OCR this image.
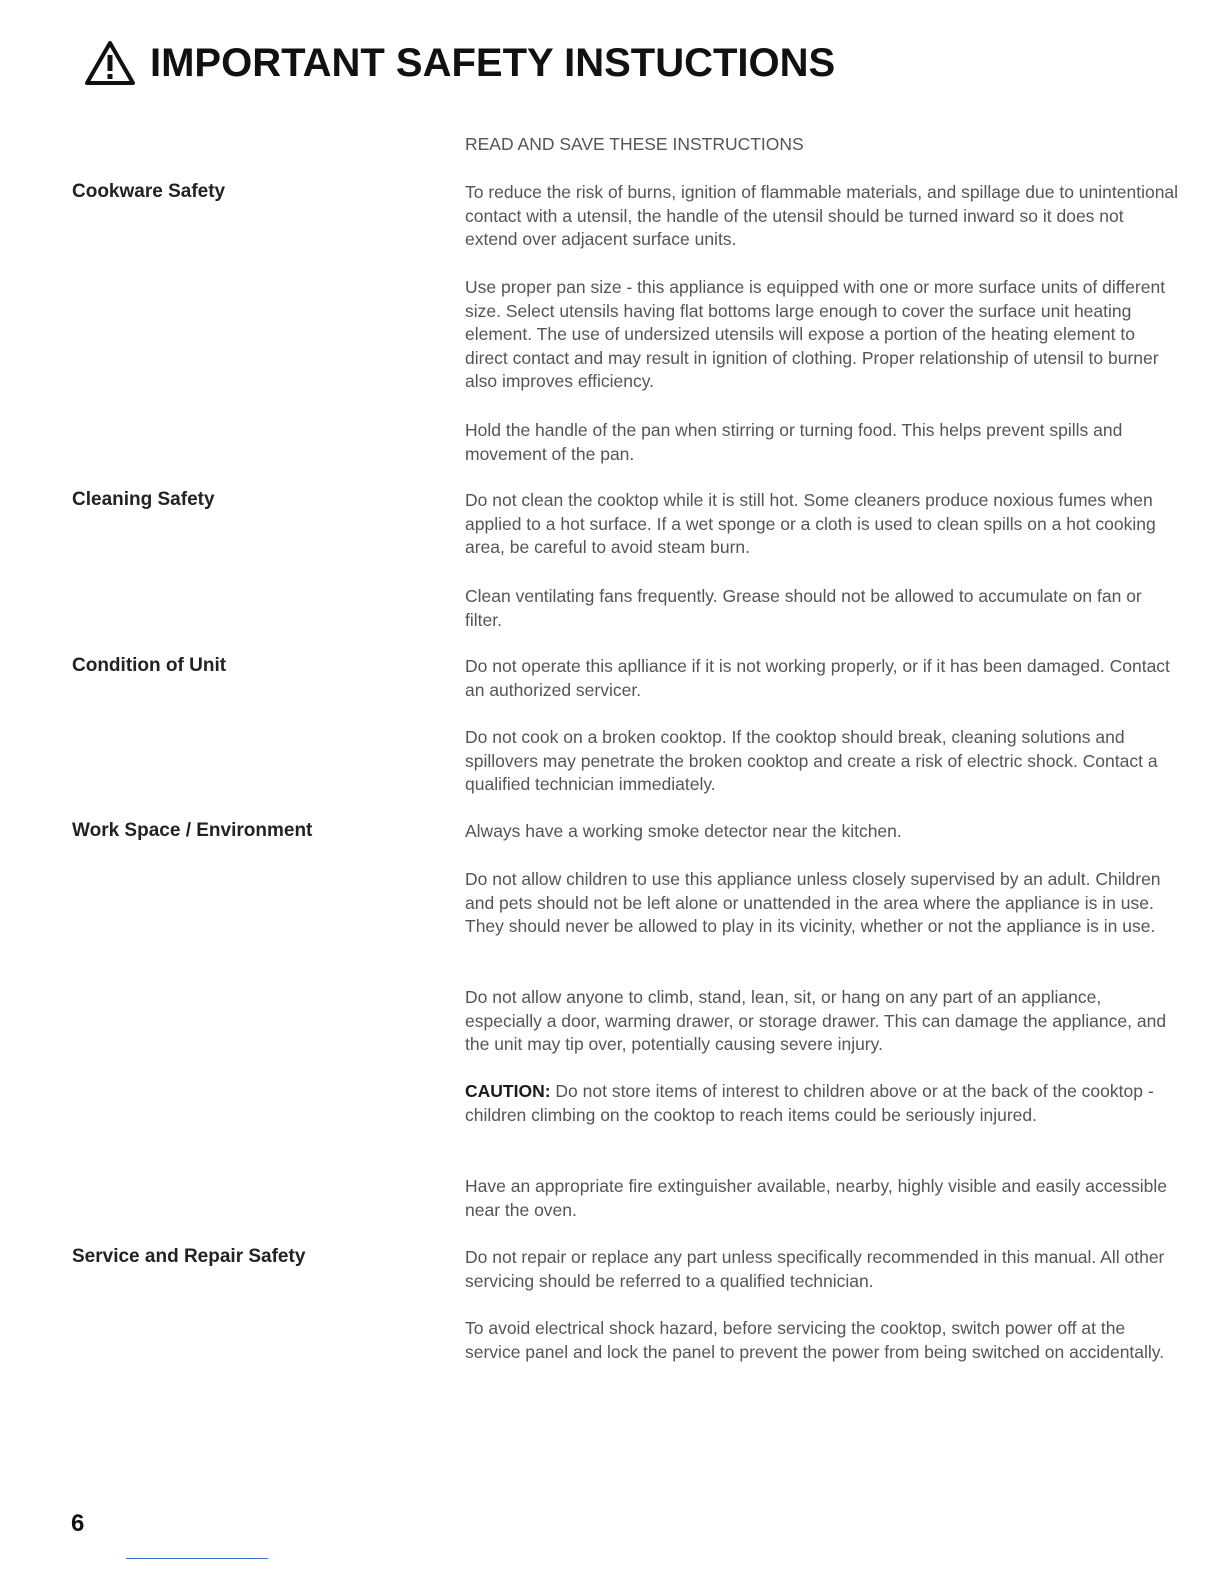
IMPORTANT SAFETY INSTUCTIONS

READ AND SAVE THESE INSTRUCTIONS

Cookware Safety	To reduce the risk of burns, ignition of flammable materials, and spillage due to unintentional contact with a utensil, the handle of the utensil should be turned inward so it does not extend over adjacent surface units.

Use proper pan size - this appliance is equipped with one or more surface units of different size. Select utensils having flat bottoms large enough to cover the surface unit heating element. The use of undersized utensils will expose a portion of the heating element to direct contact and may result in ignition of clothing. Proper relationship of utensil to burner also improves efficiency.

Hold the handle of the pan when stirring or turning food. This helps prevent spills and movement of the pan.

Cleaning Safety	Do not clean the cooktop while it is still hot. Some cleaners produce noxious fumes when applied to a hot surface. If a wet sponge or a cloth is used to clean spills on a hot cooking area, be careful to avoid steam burn.

Clean ventilating fans frequently. Grease should not be allowed to accumulate on fan or filter.

Condition of Unit	Do not operate this aplliance if it is not working properly, or if it has been damaged. Contact an authorized servicer.

Do not cook on a broken cooktop. If the cooktop should break, cleaning solutions and spillovers may penetrate the broken cooktop and create a risk of electric shock. Contact a qualified technician immediately.

Work Space / Environment	Always have a working smoke detector near the kitchen.

Do not allow children to use this appliance unless closely supervised by an adult. Children and pets should not be left alone or unattended in the area where the appliance is in use. They should never be allowed to play in its vicinity, whether or not the appliance is in use.

Do not allow anyone to climb, stand, lean, sit, or hang on any part of an appliance, especially a door, warming drawer, or storage drawer. This can damage the appliance, and the unit may tip over, potentially causing severe injury.

CAUTION: Do not store items of interest to children above or at the back of the cooktop - children climbing on the cooktop to reach items could be seriously injured.

Have an appropriate fire extinguisher available, nearby, highly visible and easily accessible near the oven.

Service and Repair Safety	Do not repair or replace any part unless specifically recommended in this manual. All other servicing should be referred to a qualified technician.

To avoid electrical shock hazard, before servicing the cooktop, switch power off at the service panel and lock the panel to prevent the power from being switched on accidentally.

6
